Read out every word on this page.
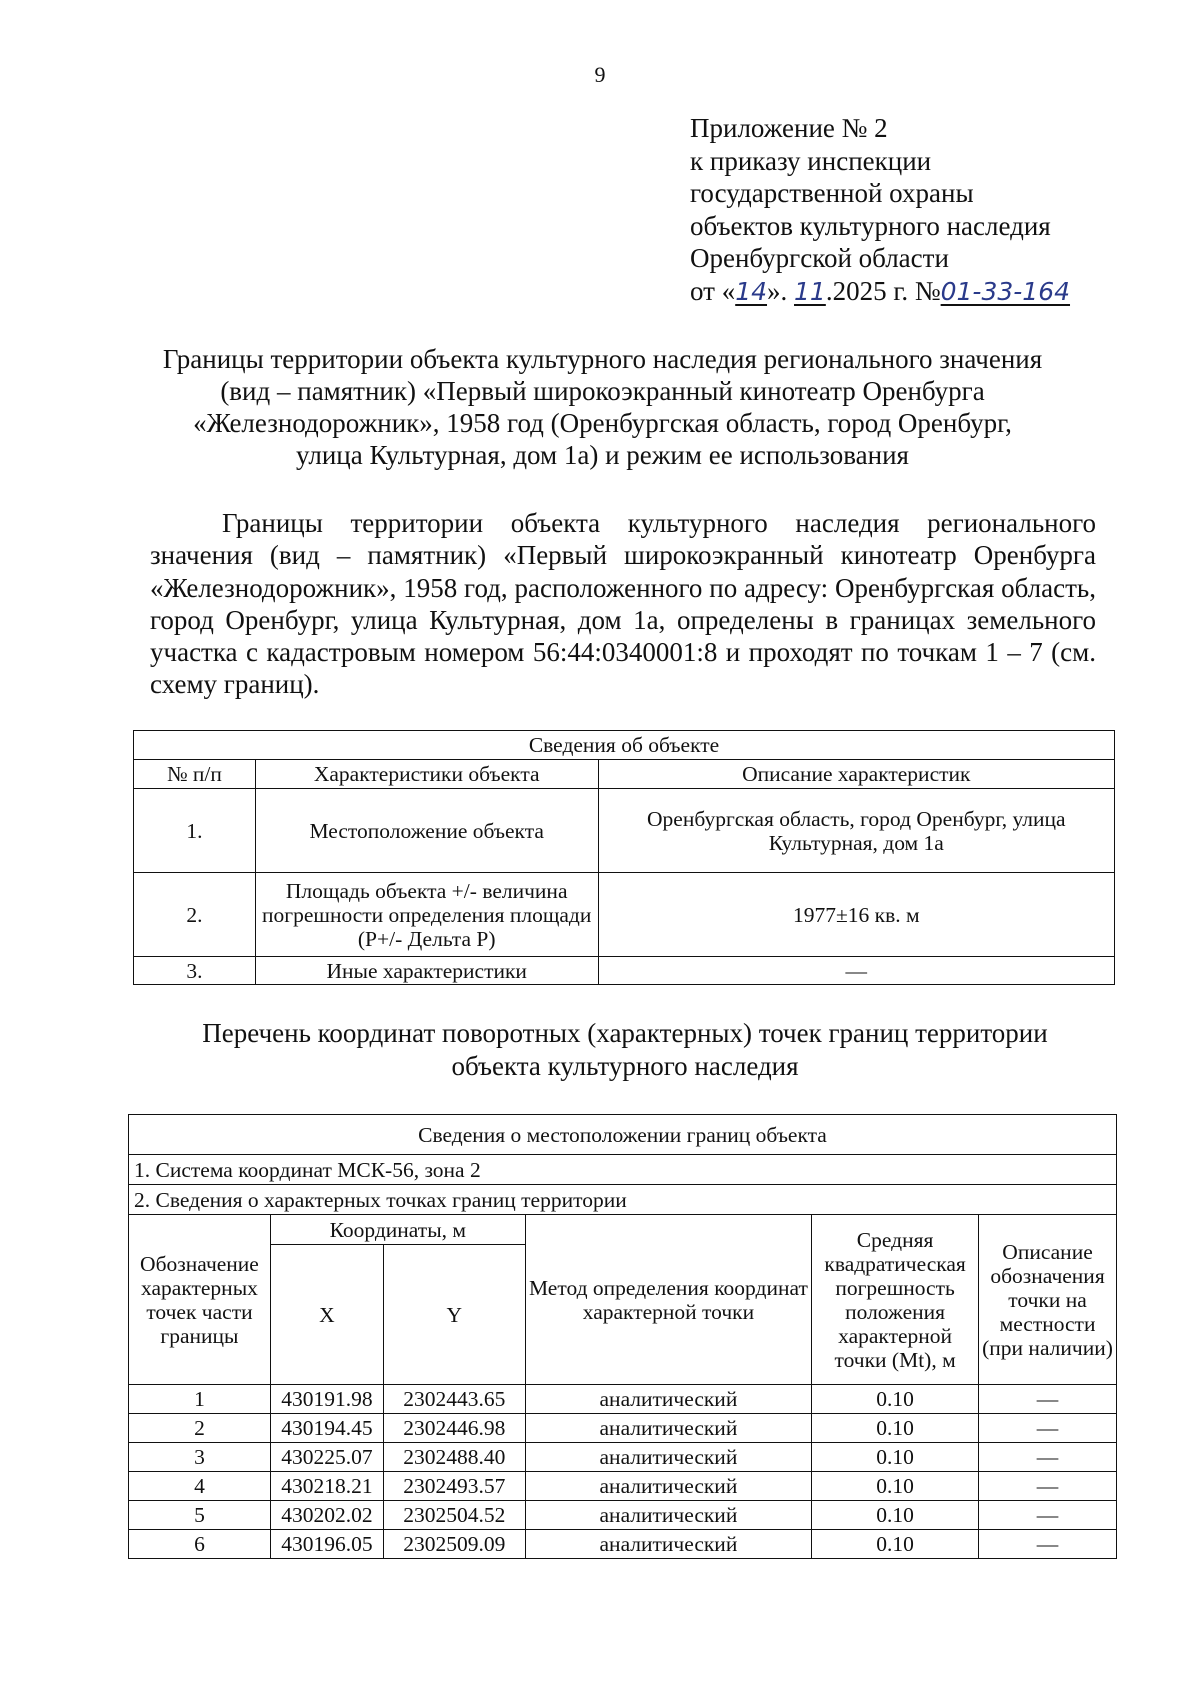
9
Приложение № 2
к приказу инспекции
государственной охраны
объектов культурного наследия
Оренбургской области
от «14». 11.2025 г. №01-33-164
Границы территории объекта культурного наследия регионального значения
(вид – памятник) «Первый широкоэкранный кинотеатр Оренбурга
«Железнодорожник», 1958 год (Оренбургская область, город Оренбург,
улица Культурная, дом 1а) и режим ее использования

Границы территории объекта культурного наследия регионального значения (вид – памятник) «Первый широкоэкранный кинотеатр Оренбурга «Железнодорожник», 1958 год, расположенного по адресу: Оренбургская область, город Оренбург, улица Культурная, дом 1а, определены в границах земельного участка с кадастровым номером 56:44:0340001:8 и проходят по точкам 1 – 7 (см. схему границ).

Сведения об объекте		
№ п/п	Характеристики объекта	Описание характеристик
1.	Местоположение объекта	Оренбургская область, город Оренбург, улица Культурная, дом 1а
2.	Площадь объекта +/- величина погрешности определения площади (Р+/- Дельта Р)	1977±16 кв. м
3.	Иные характеристики	—
Перечень координат поворотных (характерных) точек границ территории
объекта культурного наследия
Сведения о местоположении границ объекта					
1. Система координат МСК-56, зона 2					
2. Сведения о характерных точках границ территории					
Обозначение характерных точек части границы	Координаты, м		Метод определения координат характерной точки	Средняя квадратическая погрешность положения характерной точки (Mt), м	Описание обозначения точки на местности (при наличии)
	X	Y			
1	430191.98	2302443.65	аналитический	0.10	—
2	430194.45	2302446.98	аналитический	0.10	—
3	430225.07	2302488.40	аналитический	0.10	—
4	430218.21	2302493.57	аналитический	0.10	—
5	430202.02	2302504.52	аналитический	0.10	—
6	430196.05	2302509.09	аналитический	0.10	—
